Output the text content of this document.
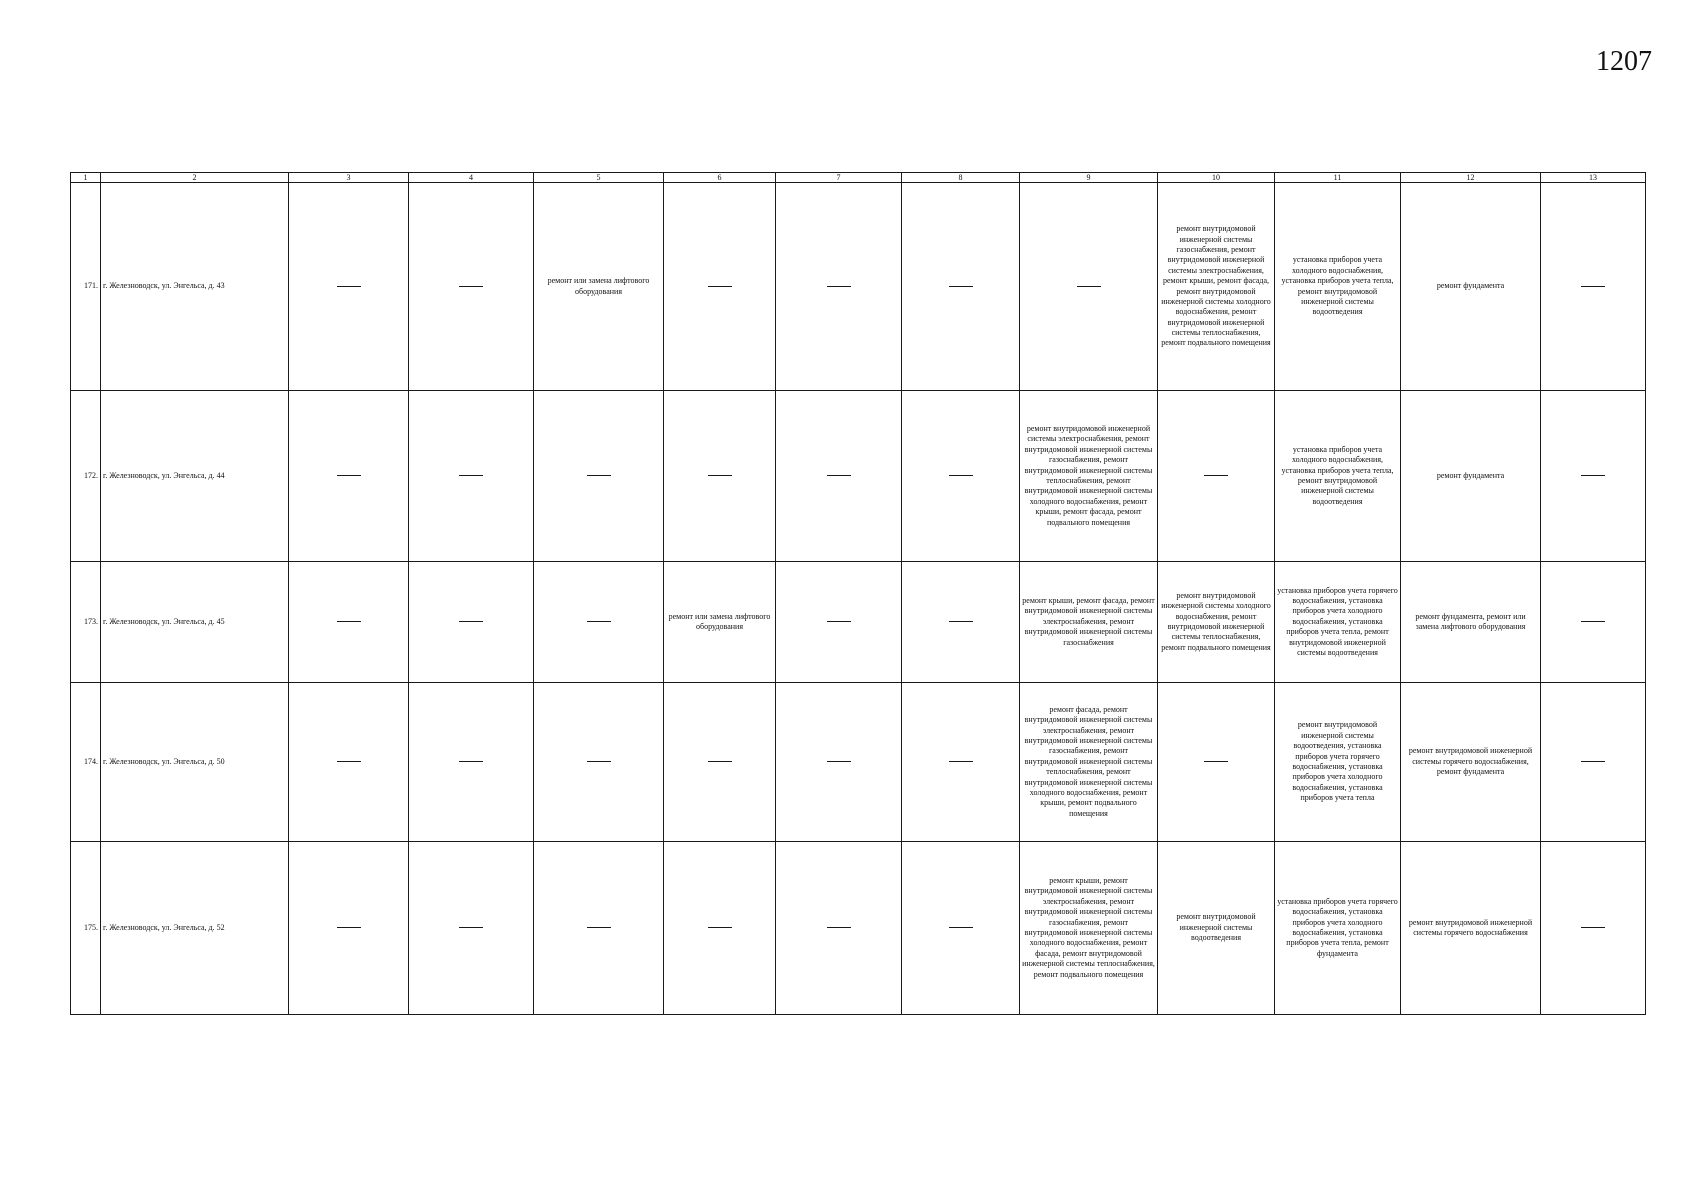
1207
1	2	3	4	5	6	7	8	9	10	11	12	13
171.	г. Железноводск, ул. Энгельса, д. 43			ремонт или замена лифтового оборудования					ремонт внутридомовой инженерной системы газоснабжения, ремонт внутридомовой инженерной системы электроснабжения, ремонт крыши, ремонт фасада, ремонт внутридомовой инженерной системы холодного водоснабжения, ремонт внутридомовой инженерной системы теплоснабжения, ремонт подвального помещения	установка приборов учета холодного водоснабжения, установка приборов учета тепла, ремонт внутридомовой инженерной системы водоотведения	ремонт фундамента	
172.	г. Железноводск, ул. Энгельса, д. 44							ремонт внутридомовой инженерной системы электроснабжения, ремонт внутридомовой инженерной системы газоснабжения, ремонт внутридомовой инженерной системы теплоснабжения, ремонт внутридомовой инженерной системы холодного водоснабжения, ремонт крыши, ремонт фасада, ремонт подвального помещения		установка приборов учета холодного водоснабжения, установка приборов учета тепла, ремонт внутридомовой инженерной системы водоотведения	ремонт фундамента	
173.	г. Железноводск, ул. Энгельса, д. 45				ремонт или замена лифтового оборудования			ремонт крыши, ремонт фасада, ремонт внутридомовой инженерной системы электроснабжения, ремонт внутридомовой инженерной системы газоснабжения	ремонт внутридомовой инженерной системы холодного водоснабжения, ремонт внутридомовой инженерной системы теплоснабжения, ремонт подвального помещения	установка приборов учета горячего водоснабжения, установка приборов учета холодного водоснабжения, установка приборов учета тепла, ремонт внутридомовой инженерной системы водоотведения	ремонт фундамента, ремонт или замена лифтового оборудования	
174.	г. Железноводск, ул. Энгельса, д. 50							ремонт фасада, ремонт внутридомовой инженерной системы электроснабжения, ремонт внутридомовой инженерной системы газоснабжения, ремонт внутридомовой инженерной системы теплоснабжения, ремонт внутридомовой инженерной системы холодного водоснабжения, ремонт крыши, ремонт подвального помещения		ремонт внутридомовой инженерной системы водоотведения, установка приборов учета горячего водоснабжения, установка приборов учета холодного водоснабжения, установка приборов учета тепла	ремонт внутридомовой инженерной системы горячего водоснабжения, ремонт фундамента	
175.	г. Железноводск, ул. Энгельса, д. 52							ремонт крыши, ремонт внутридомовой инженерной системы электроснабжения, ремонт внутридомовой инженерной системы газоснабжения, ремонт внутридомовой инженерной системы холодного водоснабжения, ремонт фасада, ремонт внутридомовой инженерной системы теплоснабжения, ремонт подвального помещения	ремонт внутридомовой инженерной системы водоотведения	установка приборов учета горячего водоснабжения, установка приборов учета холодного водоснабжения, установка приборов учета тепла, ремонт фундамента	ремонт внутридомовой инженерной системы горячего водоснабжения	
